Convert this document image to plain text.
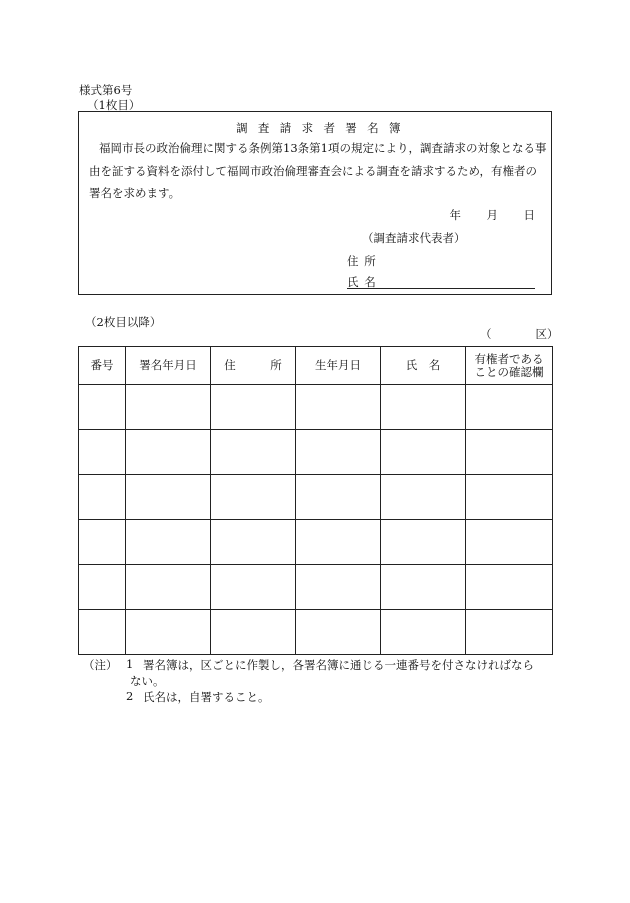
様式第6号
（1枚目）
調査請求者署名簿
福岡市長の政治倫理に関する条例第13条第1項の規定により，調査請求の対象となる事
由を証する資料を添付して福岡市政治倫理審査会による調査を請求するため，有権者の
署名を求めます。
年 月 日
（調査請求代表者）
住所
氏名
（2枚目以降）
（	区）
番号	署名年月日	住　　　所	生年月日	氏　名	有権者であることの確認欄

（注） 1 署名簿は，区ごとに作製し，各署名簿に通じる一連番号を付さなければなら
ない。
2 氏名は，自署すること。
